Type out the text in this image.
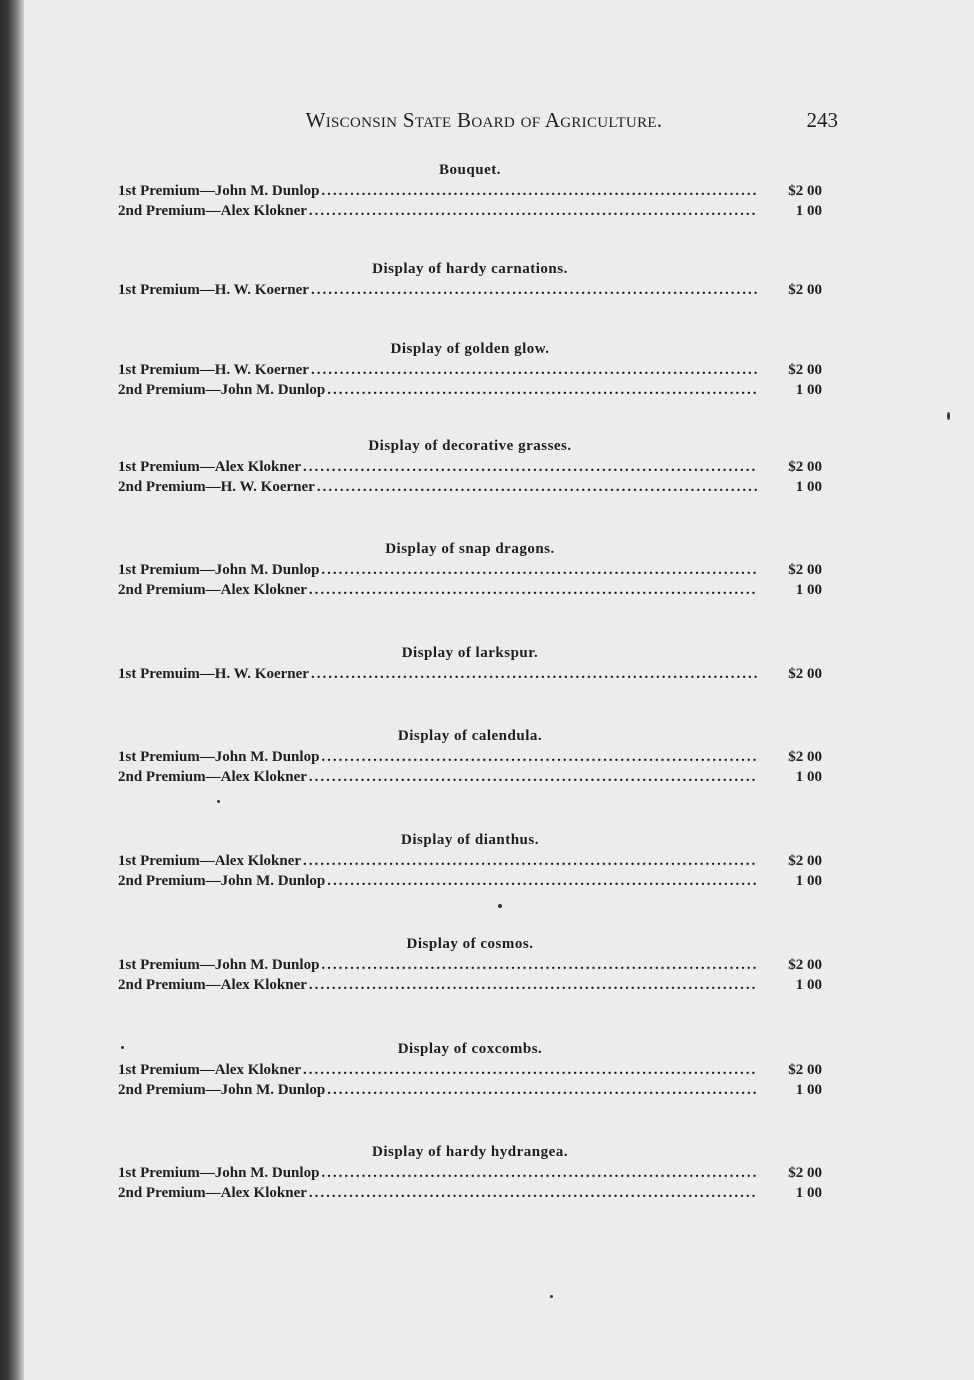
Wisconsin State Board of Agriculture.	243
Bouquet.
1st Premium—John M. Dunlop .....	$2 00
2nd Premium—Alex Klokner .....	1 00
Display of hardy carnations.
1st Premium—H. W. Koerner .....	$2 00
Display of golden glow.
1st Premium—H. W. Koerner .....	$2 00
2nd Premium—John M. Dunlop .....	1 00
Display of decorative grasses.
1st Premium—Alex Klokner .....	$2 00
2nd Premium—H. W. Koerner .....	1 00
Display of snap dragons.
1st Premium—John M. Dunlop .....	$2 00
2nd Premium—Alex Klokner .....	1 00
Display of larkspur.
1st Premuim—H. W. Koerner .....	$2 00
Display of calendula.
1st Premium—John M. Dunlop .....	$2 00
2nd Premium—Alex Klokner .....	1 00
Display of dianthus.
1st Premium—Alex Klokner .....	$2 00
2nd Premium—John M. Dunlop .....	1 00
Display of cosmos.
1st Premium—John M. Dunlop .....	$2 00
2nd Premium—Alex Klokner .....	1 00
Display of coxcombs.
1st Premium—Alex Klokner .....	$2 00
2nd Premium—John M. Dunlop .....	1 00
Display of hardy hydrangea.
1st Premium—John M. Dunlop .....	$2 00
2nd Premium—Alex Klokner .....	1 00
